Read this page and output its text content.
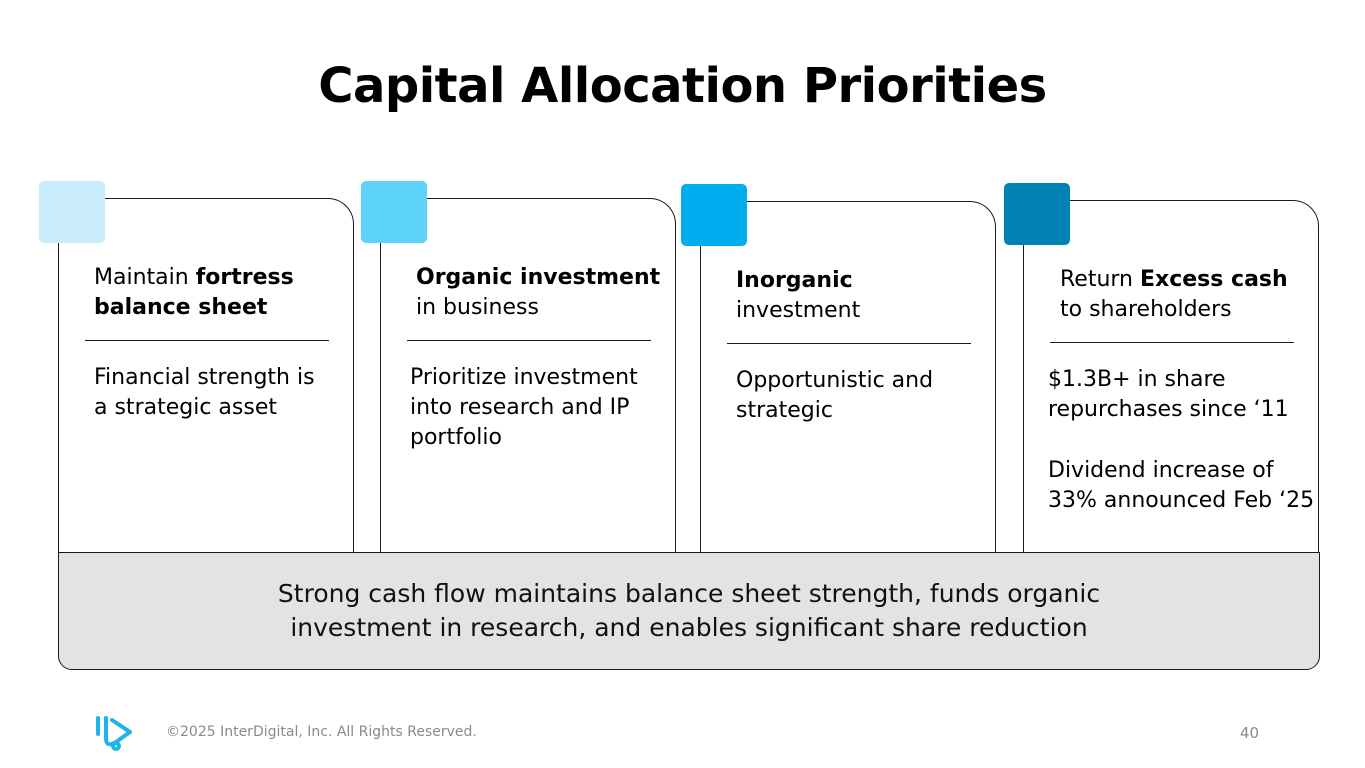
Capital Allocation Priorities
Maintain fortress balance sheet

Financial strength is a strategic asset

Organic investment
in business

Prioritize investment into research and IP portfolio

Inorganic
investment

Opportunistic and strategic

Return Excess cash
to shareholders

$1.3B+ in share repurchases since ‘11

Dividend increase of 33% announced Feb ‘25

Strong cash flow maintains balance sheet strength, funds organic investment in research, and enables significant share reduction
©2025 InterDigital, Inc. All Rights Reserved.	40
